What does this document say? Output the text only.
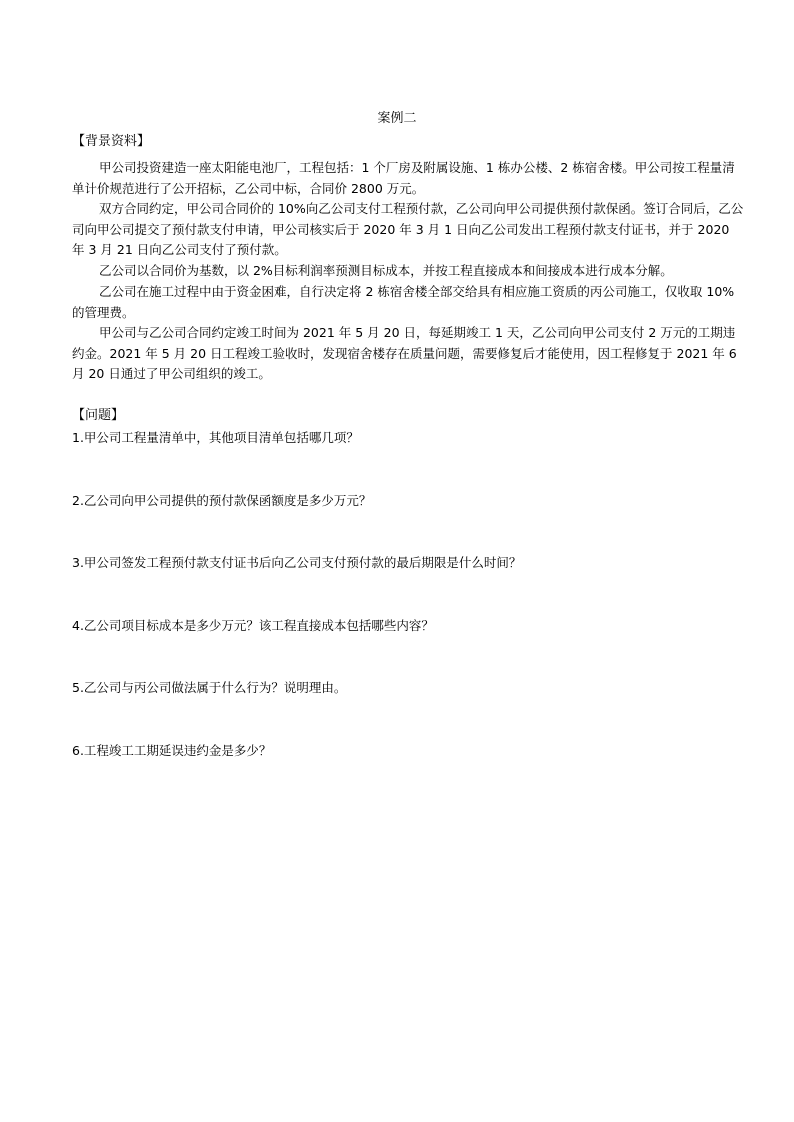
案例二
【背景资料】

甲公司投资建造一座太阳能电池厂，工程包括：1 个厂房及附属设施、1 栋办公楼、2 栋宿舍楼。甲公司按工程量清单计价规范进行了公开招标，乙公司中标，合同价 2800 万元。

双方合同约定，甲公司合同价的 10%向乙公司支付工程预付款，乙公司向甲公司提供预付款保函。签订合同后，乙公司向甲公司提交了预付款支付申请，甲公司核实后于 2020 年 3 月 1 日向乙公司发出工程预付款支付证书，并于 2020 年 3 月 21 日向乙公司支付了预付款。

乙公司以合同价为基数，以 2%目标利润率预测目标成本，并按工程直接成本和间接成本进行成本分解。

乙公司在施工过程中由于资金困难，自行决定将 2 栋宿舍楼全部交给具有相应施工资质的丙公司施工，仅收取 10%的管理费。

甲公司与乙公司合同约定竣工时间为 2021 年 5 月 20 日，每延期竣工 1 天，乙公司向甲公司支付 2 万元的工期违约金。2021 年 5 月 20 日工程竣工验收时，发现宿舍楼存在质量问题，需要修复后才能使用，因工程修复于 2021 年 6 月 20 日通过了甲公司组织的竣工。

【问题】

1.甲公司工程量清单中，其他项目清单包括哪几项？

2.乙公司向甲公司提供的预付款保函额度是多少万元？

3.甲公司签发工程预付款支付证书后向乙公司支付预付款的最后期限是什么时间？

4.乙公司项目标成本是多少万元？该工程直接成本包括哪些内容？

5.乙公司与丙公司做法属于什么行为？说明理由。

6.工程竣工工期延误违约金是多少？
